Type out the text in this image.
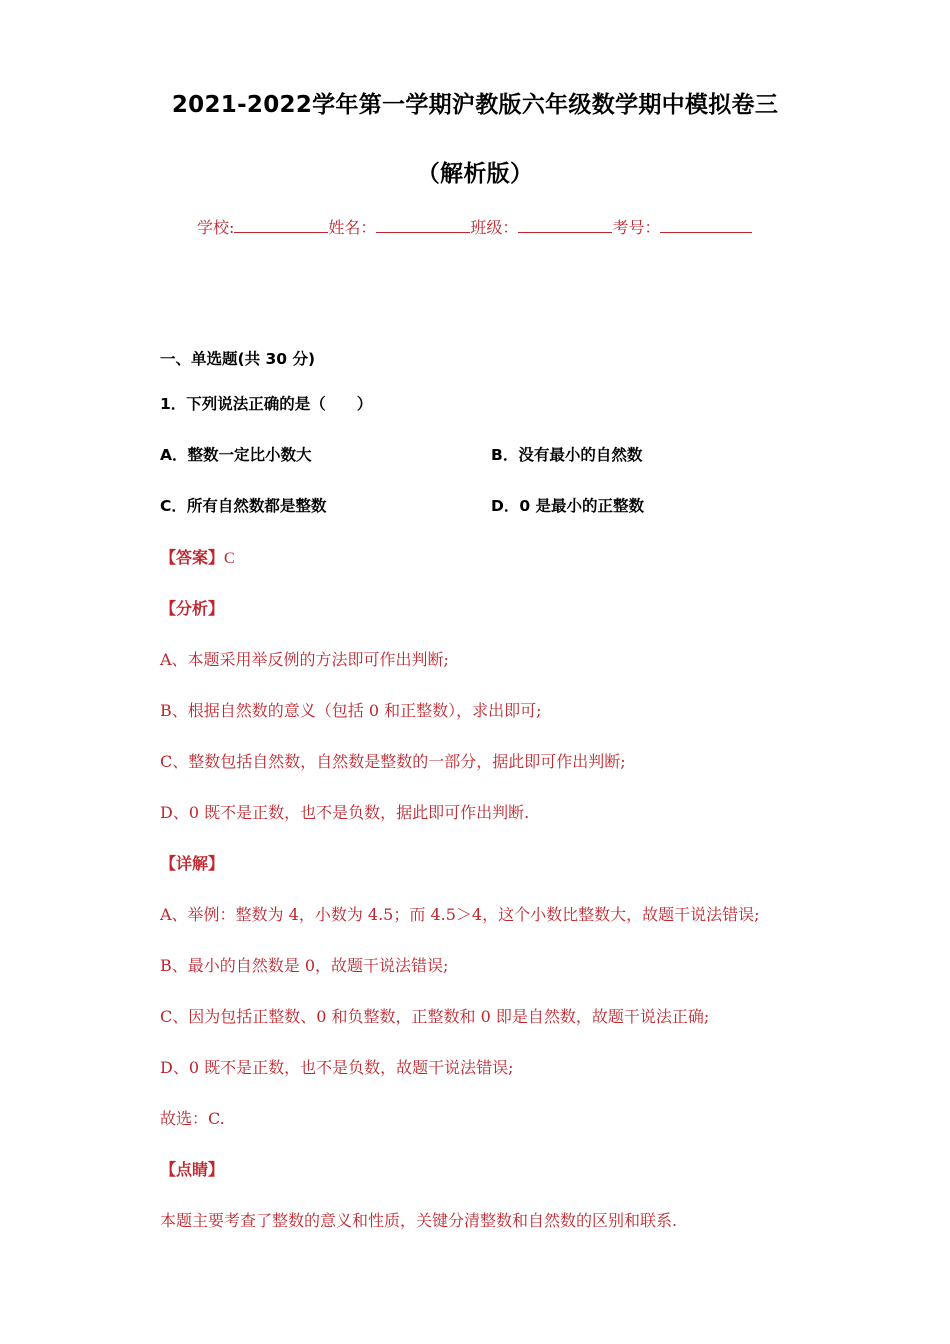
2021-2022学年第一学期沪教版六年级数学期中模拟卷三
（解析版）
学校:	姓名：	班级：	考号：
一、单选题(共 30 分)
1．下列说法正确的是（　　）
A．整数一定比小数大	B．没有最小的自然数
C．所有自然数都是整数	D．0 是最小的正整数
【答案】C
【分析】
A、本题采用举反例的方法即可作出判断;
B、根据自然数的意义（包括 0 和正整数），求出即可;
C、整数包括自然数，自然数是整数的一部分，据此即可作出判断;
D、0 既不是正数，也不是负数，据此即可作出判断.
【详解】
A、举例：整数为 4，小数为 4.5；而 4.5＞4，这个小数比整数大，故题干说法错误;
B、最小的自然数是 0，故题干说法错误;
C、因为包括正整数、0 和负整数，正整数和 0 即是自然数，故题干说法正确;
D、0 既不是正数，也不是负数，故题干说法错误;
故选：C.
【点睛】
本题主要考查了整数的意义和性质，关键分清整数和自然数的区别和联系.
